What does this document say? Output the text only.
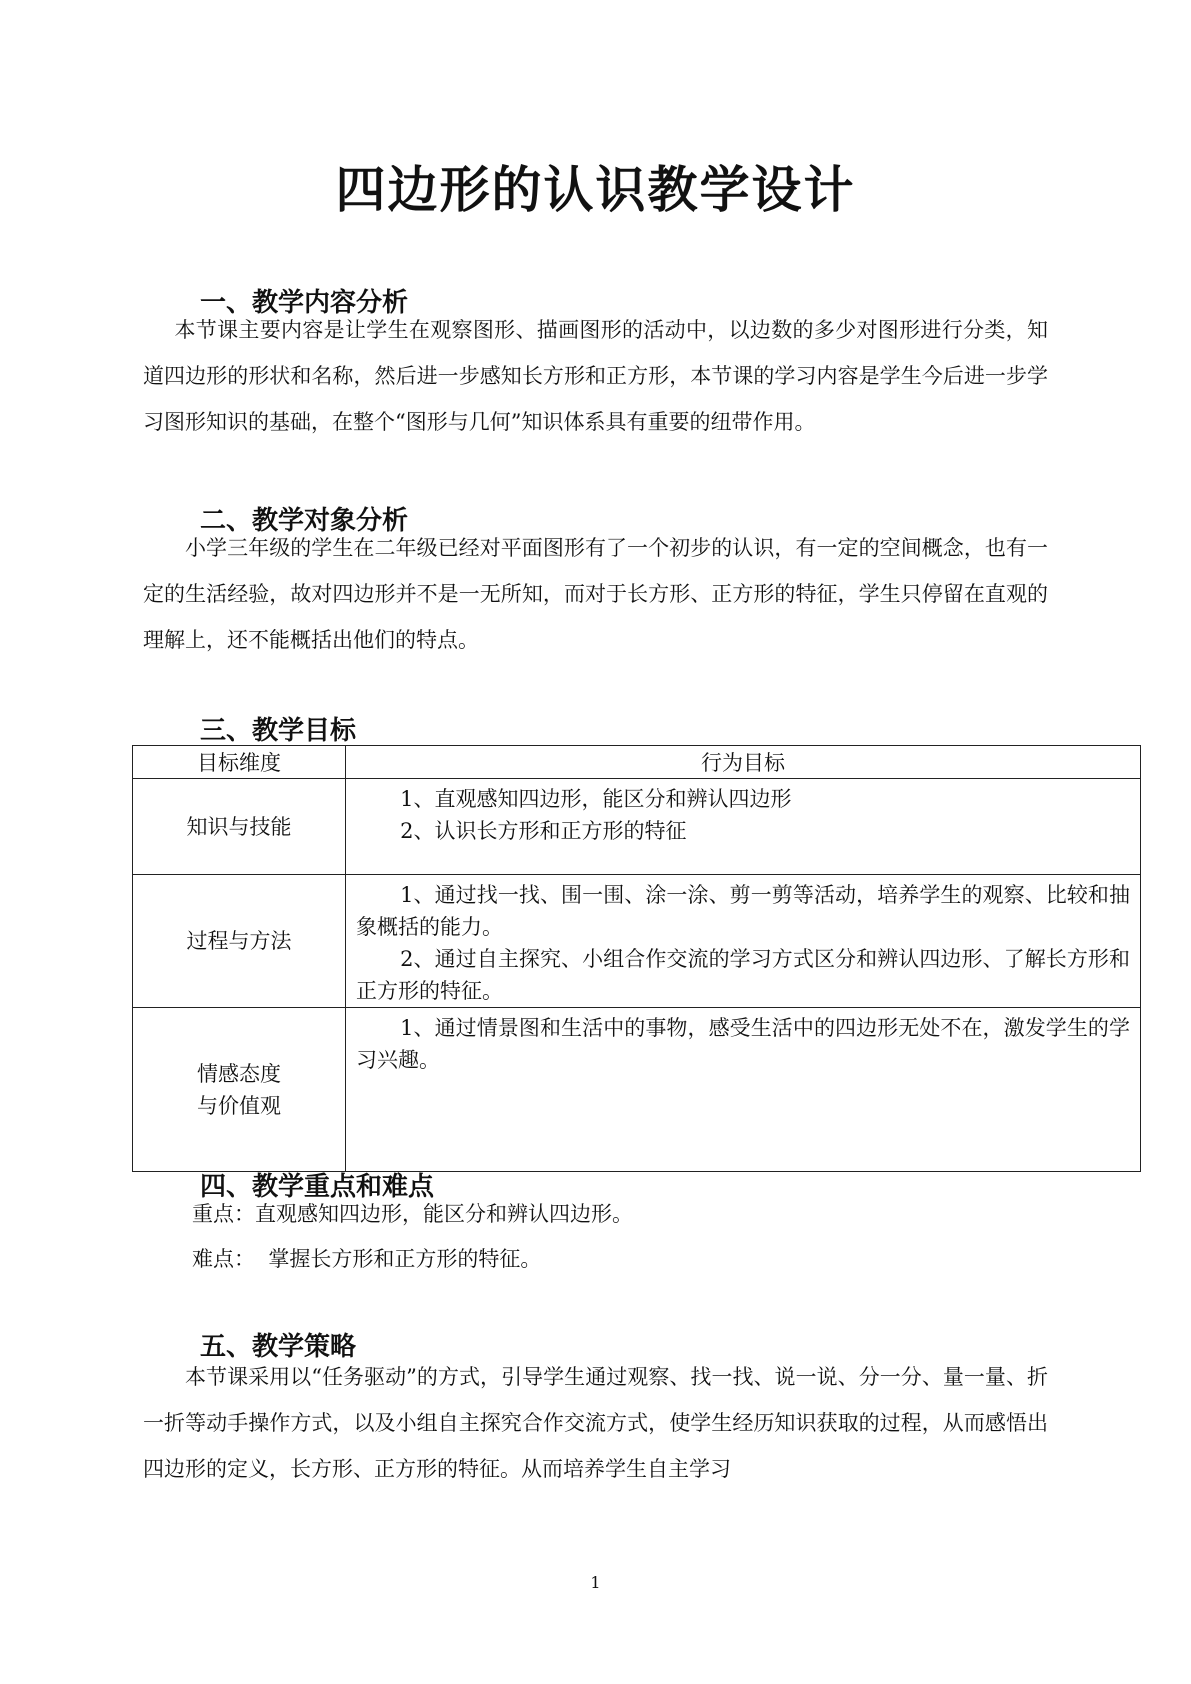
四边形的认识教学设计
一、教学内容分析

本节课主要内容是让学生在观察图形、描画图形的活动中，以边数的多少对图形进行分类，知道四边形的形状和名称，然后进一步感知长方形和正方形，本节课的学习内容是学生今后进一步学习图形知识的基础，在整个“图形与几何”知识体系具有重要的纽带作用。

二、教学对象分析

小学三年级的学生在二年级已经对平面图形有了一个初步的认识，有一定的空间概念，也有一定的生活经验，故对四边形并不是一无所知，而对于长方形、正方形的特征，学生只停留在直观的理解上，还不能概括出他们的特点。

三、教学目标
目标维度	行为目标

知识与技能	1、直观感知四边形，能区分和辨认四边形
2、认识长方形和正方形的特征

过程与方法	1、通过找一找、围一围、涂一涂、剪一剪等活动，培养学生的观察、比较和抽象概括的能力。
2、通过自主探究、小组合作交流的学习方式区分和辨认四边形、了解长方形和正方形的特征。

情感态度
与价值观	1、通过情景图和生活中的事物，感受生活中的四边形无处不在，激发学生的学习兴趣。
四、教学重点和难点
重点：直观感知四边形，能区分和辨认四边形。
难点：  掌握长方形和正方形的特征。
五、教学策略

本节课采用以“任务驱动”的方式，引导学生通过观察、找一找、说一说、分一分、量一量、折一折等动手操作方式，以及小组自主探究合作交流方式，使学生经历知识获取的过程，从而感悟出四边形的定义，长方形、正方形的特征。从而培养学生自主学习

1
